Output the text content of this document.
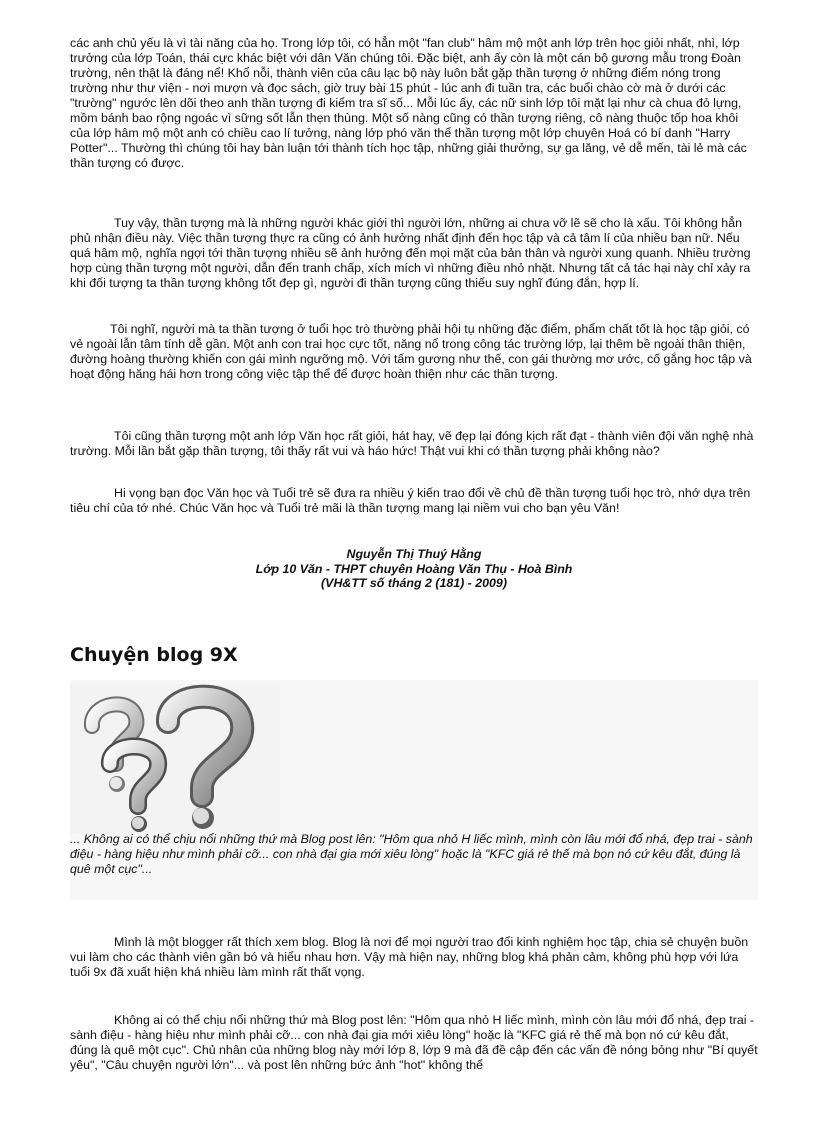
các anh chủ yếu là vì tài năng của họ. Trong lớp tôi, có hẳn một "fan club" hâm mộ một anh lớp trên học giỏi nhất, nhì, lớp trưởng của lớp Toán, thái cực khác biệt với dân Văn chúng tôi. Đặc biệt, anh ấy còn là một cán bộ gương mẫu trong Đoàn trường, nên thật là đáng nể! Khổ nỗi, thành viên của câu lạc bộ này luôn bắt gặp thần tượng ở những điểm nóng trong trường như thư viện - nơi mượn và đọc sách, giờ truy bài 15 phút - lúc anh đi tuần tra, các buổi chào cờ mà ở dưới các "trường" ngước lên dõi theo anh thần tượng đi kiểm tra sĩ số... Mỗi lúc ấy, các nữ sinh lớp tôi mặt lại như cà chua đỏ lựng, mồm bánh bao rộng ngoác vì sững sốt lẫn thẹn thùng. Một số nàng cũng có thần tượng riêng, cô nàng thuộc tốp hoa khôi của lớp hâm mộ một anh có chiều cao lí tưởng, nàng lớp phó văn thể thần tượng một lớp chuyên Hoá có bí danh "Harry Potter"... Thường thì chúng tôi hay bàn luận tới thành tích học tập, những giải thưởng, sự ga lăng, vẻ dễ mến, tài lẻ mà các thần tượng có được.

Tuy vậy, thần tượng mà là những người khác giới thì người lớn, những ai chưa vỡ lẽ sẽ cho là xấu. Tôi không hẳn phủ nhận điều này. Việc thần tượng thực ra cũng có ảnh hưởng nhất định đến học tập và cả tâm lí của nhiều bạn nữ. Nếu quá hâm mộ, nghĩa ngợi tới thần tượng nhiều sẽ ảnh hưởng đến mọi mặt của bản thân và người xung quanh. Nhiều trường hợp cùng thần tượng một người, dẫn đến tranh chấp, xích mích vì những điều nhỏ nhặt. Nhưng tất cả tác hại này chỉ xảy ra khi đối tượng ta thần tượng không tốt đẹp gì, người đi thần tượng cũng thiếu suy nghĩ đúng đắn, hợp lí.

Tôi nghĩ, người mà ta thần tượng ở tuổi học trò thường phải hội tụ những đặc điểm, phẩm chất tốt là học tập giỏi, có vẻ ngoài lẫn tâm tính dễ gần. Một anh con trai học cực tốt, năng nổ trong công tác trường lớp, lại thêm bề ngoài thân thiện, đường hoàng thường khiến con gái mình ngưỡng mộ. Với tấm gương như thế, con gái thường mơ ước, cố gắng học tập và hoạt động hăng hái hơn trong công việc tập thể để được hoàn thiện như các thần tượng.

Tôi cũng thần tượng một anh lớp Văn học rất giỏi, hát hay, vẽ đẹp lại đóng kịch rất đạt - thành viên đội văn nghệ nhà trường. Mỗi lần bắt gặp thần tượng, tôi thấy rất vui và háo hức! Thật vui khi có thần tượng phải không nào?

Hi vọng bạn đọc Văn học và Tuổi trẻ sẽ đưa ra nhiều ý kiến trao đổi về chủ đề thần tượng tuổi học trò, nhớ dựa trên tiêu chí của tớ nhé. Chúc Văn học và Tuổi trẻ mãi là thần tượng mang lại niềm vui cho bạn yêu Văn!

Nguyễn Thị Thuý Hằng
Lớp 10 Văn - THPT chuyên Hoàng Văn Thụ - Hoà Bình
(VH&TT số tháng 2 (181) - 2009)
Chuyện blog 9X

... Không ai có thể chịu nổi những thứ mà Blog post lên: "Hôm qua nhỏ H liếc mình, mình còn lâu mới đổ nhá, đẹp trai - sành điệu - hàng hiệu như mình phải cỡ... con nhà đại gia mới xiêu lòng" hoặc là "KFC giá rẻ thế mà bọn nó cứ kêu đắt, đúng là quê một cục"...

Mình là một blogger rất thích xem blog. Blog là nơi để mọi người trao đổi kinh nghiệm học tập, chia sẻ chuyện buồn vui làm cho các thành viên gần bó và hiểu nhau hơn. Vậy mà hiện nay, những blog khá phản cảm, không phù hợp với lứa tuổi 9x đã xuất hiện khá nhiều làm mình rất thất vọng.

Không ai có thể chịu nổi những thứ mà Blog post lên: "Hôm qua nhỏ H liếc mình, mình còn lâu mới đổ nhá, đẹp trai - sành điệu - hàng hiệu như mình phải cỡ... con nhà đại gia mới xiêu lòng" hoặc là "KFC giá rẻ thế mà bọn nó cứ kêu đắt, đúng là quê một cục". Chủ nhân của những blog này mới lớp 8, lớp 9 mà đã đề cập đến các vấn đề nóng bỏng như "Bí quyết yêu", "Câu chuyện người lớn"... và post lên những bức ảnh "hot" không thể
